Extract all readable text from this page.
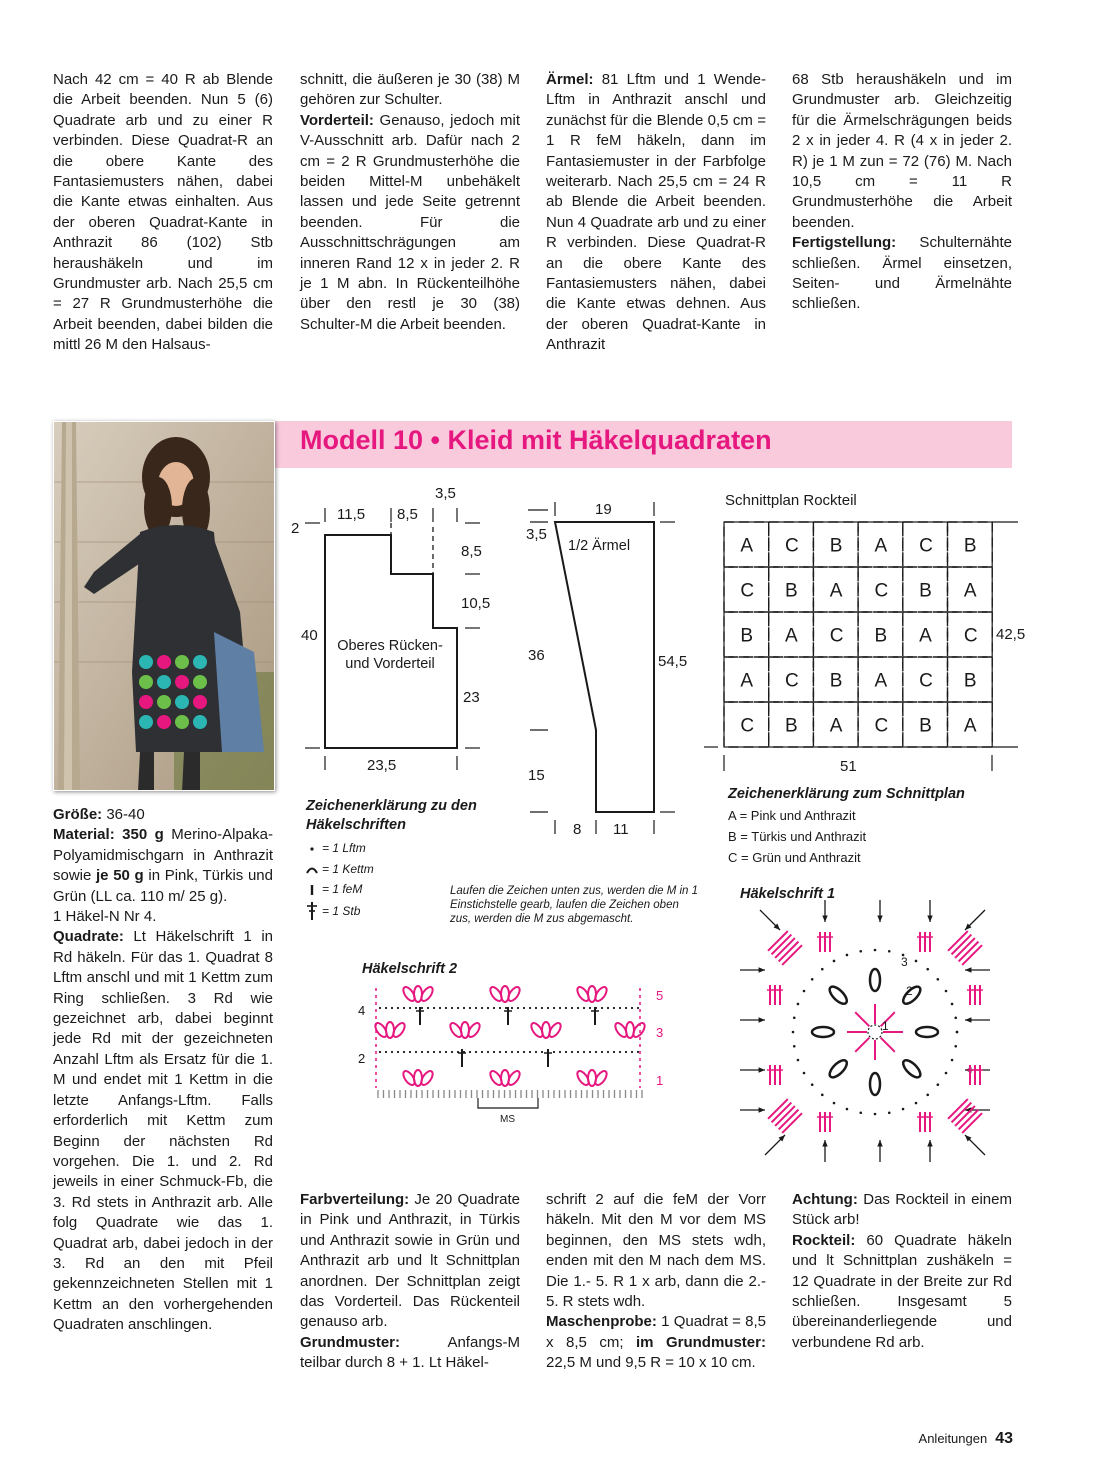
Nach 42 cm = 40 R ab Blende die Arbeit beenden. Nun 5 (6) Quadrate arb und zu einer R verbinden. Diese Quadrat-R an die obere Kante des Fantasiemusters nähen, dabei die Kante etwas einhalten. Aus der oberen Quadrat-Kante in Anthrazit 86 (102) Stb heraushäkeln und im Grundmuster arb. Nach 25,5 cm = 27 R Grundmusterhöhe die Arbeit beenden, dabei bilden die mittl 26 M den Halsaus-

schnitt, die äußeren je 30 (38) M gehören zur Schulter.

Vorderteil: Genauso, jedoch mit V-Ausschnitt arb. Dafür nach 2 cm = 2 R Grundmusterhöhe die beiden Mittel-M unbehäkelt lassen und jede Seite getrennt beenden. Für die Ausschnittschrägungen am inneren Rand 12 x in jeder 2. R je 1 M abn. In Rückenteilhöhe über den restl je 30 (38) Schulter-M die Arbeit beenden.

Ärmel: 81 Lftm und 1 Wende-Lftm in Anthrazit anschl und zunächst für die Blende 0,5 cm = 1 R feM häkeln, dann im Fantasiemuster in der Farbfolge weiterarb. Nach 25,5 cm = 24 R ab Blende die Arbeit beenden. Nun 4 Quadrate arb und zu einer R verbinden. Diese Quadrat-R an die obere Kante des Fantasiemusters nähen, dabei die Kante etwas dehnen. Aus der oberen Quadrat-Kante in Anthrazit

68 Stb heraushäkeln und im Grundmuster arb. Gleichzeitig für die Ärmelschrägungen beids 2 x in jeder 4. R (4 x in jeder 2. R) je 1 M zun = 72 (76) M. Nach 10,5 cm = 11 R Grundmusterhöhe die Arbeit beenden.

Fertigstellung: Schulternähte schließen. Ärmel einsetzen, Seiten- und Ärmelnähte schließen.

Modell 10 • Kleid mit Häkelquadraten

Größe: 36-40

Material: 350 g Merino-Alpaka-Polyamidmischgarn in Anthrazit sowie je 50 g in Pink, Türkis und Grün (LL ca. 110 m/ 25 g).

1 Häkel-N Nr 4.

Quadrate: Lt Häkelschrift 1 in Rd häkeln. Für das 1. Quadrat 8 Lftm anschl und mit 1 Kettm zum Ring schließen. 3 Rd wie gezeichnet arb, dabei beginnt jede Rd mit der gezeichneten Anzahl Lftm als Ersatz für die 1. M und endet mit 1 Kettm in die letzte Anfangs-Lftm. Falls erforderlich mit Kettm zum Beginn der nächsten Rd vorgehen. Die 1. und 2. Rd jeweils in einer Schmuck-Fb, die 3. Rd stets in Anthrazit arb. Alle folg Quadrate wie das 1. Quadrat arb, dabei jedoch in der 3. Rd an den mit Pfeil gekennzeichneten Stellen mit 1 Kettm an den vorhergehenden Quadraten anschlingen.

11,5 8,5
3,5
2
8,5
10,5
40
23
23,5
Oberes Rücken- und Vorderteil
19
3,5
36	54,5
15
8 11
1/2 Ärmel
Schnittplan Rockteil
A C B A C B
C B A C B A
B A C B A C
A C B A C B
C B A C B A
42,5
51
Zeichenerklärung zum Schnittplan
A = Pink und Anthrazit
B = Türkis und Anthrazit
C = Grün und Anthrazit
Zeichenerklärung zu den Häkelschriften
= 1 Lftm
= 1 Kettm
= 1 feM
= 1 Stb
Laufen die Zeichen unten zus, werden die M in 1 Einstichstelle gearb, laufen die Zeichen oben zus, werden die M zus abgemascht.
Häkelschrift 2
4
2
5
3
1
MS
Häkelschrift 1
1
2
3

Farbverteilung: Je 20 Quadrate in Pink und Anthrazit, in Türkis und Anthrazit sowie in Grün und Anthrazit arb und lt Schnittplan anordnen. Der Schnittplan zeigt das Vorderteil. Das Rückenteil genauso arb.

Grundmuster: Anfangs-M teilbar durch 8 + 1. Lt Häkel-

schrift 2 auf die feM der Vorr häkeln. Mit den M vor dem MS beginnen, den MS stets wdh, enden mit den M nach dem MS. Die 1.- 5. R 1 x arb, dann die 2.- 5. R stets wdh.

Maschenprobe: 1 Quadrat = 8,5 x 8,5 cm; im Grundmuster: 22,5 M und 9,5 R = 10 x 10 cm.

Achtung: Das Rockteil in einem Stück arb!

Rockteil: 60 Quadrate häkeln und lt Schnittplan zushäkeln = 12 Quadrate in der Breite zur Rd schließen. Insgesamt 5 übereinanderliegende und verbundene Rd arb.

Anleitungen 43
